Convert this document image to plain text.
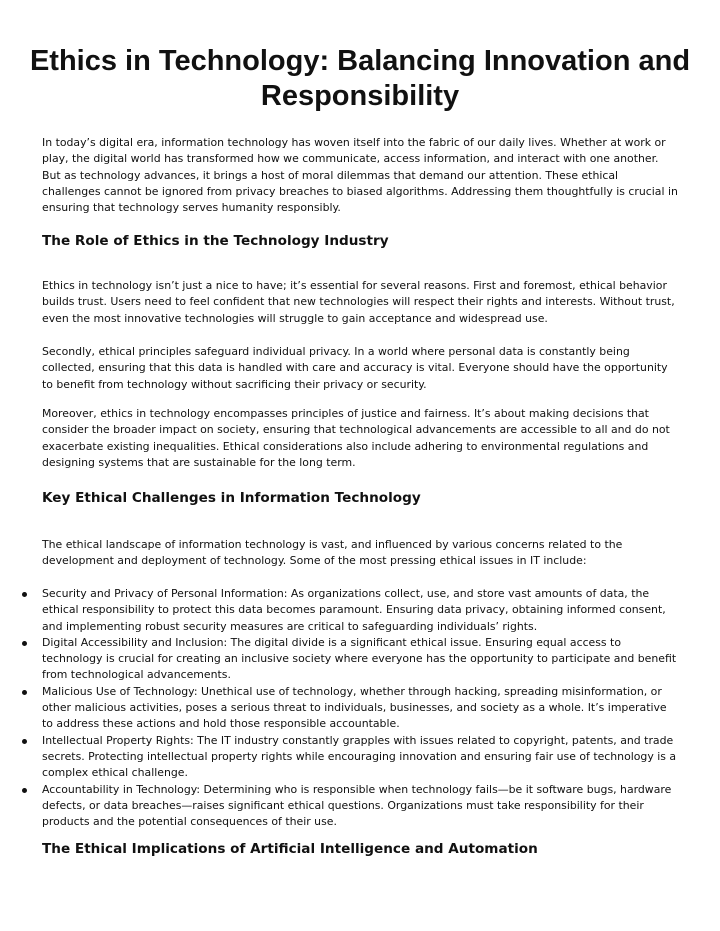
Ethics in Technology: Balancing Innovation and Responsibility

In today’s digital era, information technology has woven itself into the fabric of our daily lives. Whether at work or play, the digital world has transformed how we communicate, access information, and interact with one another. But as technology advances, it brings a host of moral dilemmas that demand our attention. These ethical challenges cannot be ignored from privacy breaches to biased algorithms. Addressing them thoughtfully is crucial in ensuring that technology serves humanity responsibly.

The Role of Ethics in the Technology Industry

Ethics in technology isn’t just a nice to have; it’s essential for several reasons. First and foremost, ethical behavior builds trust. Users need to feel confident that new technologies will respect their rights and interests. Without trust, even the most innovative technologies will struggle to gain acceptance and widespread use.

Secondly, ethical principles safeguard individual privacy. In a world where personal data is constantly being collected, ensuring that this data is handled with care and accuracy is vital. Everyone should have the opportunity to benefit from technology without sacrificing their privacy or security.

Moreover, ethics in technology encompasses principles of justice and fairness. It’s about making decisions that consider the broader impact on society, ensuring that technological advancements are accessible to all and do not exacerbate existing inequalities. Ethical considerations also include adhering to environmental regulations and designing systems that are sustainable for the long term.

Key Ethical Challenges in Information Technology

The ethical landscape of information technology is vast, and influenced by various concerns related to the development and deployment of technology. Some of the most pressing ethical issues in IT include:

Security and Privacy of Personal Information: As organizations collect, use, and store vast amounts of data, the ethical responsibility to protect this data becomes paramount. Ensuring data privacy, obtaining informed consent, and implementing robust security measures are critical to safeguarding individuals’ rights.
Digital Accessibility and Inclusion: The digital divide is a significant ethical issue. Ensuring equal access to technology is crucial for creating an inclusive society where everyone has the opportunity to participate and benefit from technological advancements.
Malicious Use of Technology: Unethical use of technology, whether through hacking, spreading misinformation, or other malicious activities, poses a serious threat to individuals, businesses, and society as a whole. It’s imperative to address these actions and hold those responsible accountable.
Intellectual Property Rights: The IT industry constantly grapples with issues related to copyright, patents, and trade secrets. Protecting intellectual property rights while encouraging innovation and ensuring fair use of technology is a complex ethical challenge.
Accountability in Technology: Determining who is responsible when technology fails—be it software bugs, hardware defects, or data breaches—raises significant ethical questions. Organizations must take responsibility for their products and the potential consequences of their use.
The Ethical Implications of Artificial Intelligence and Automation
